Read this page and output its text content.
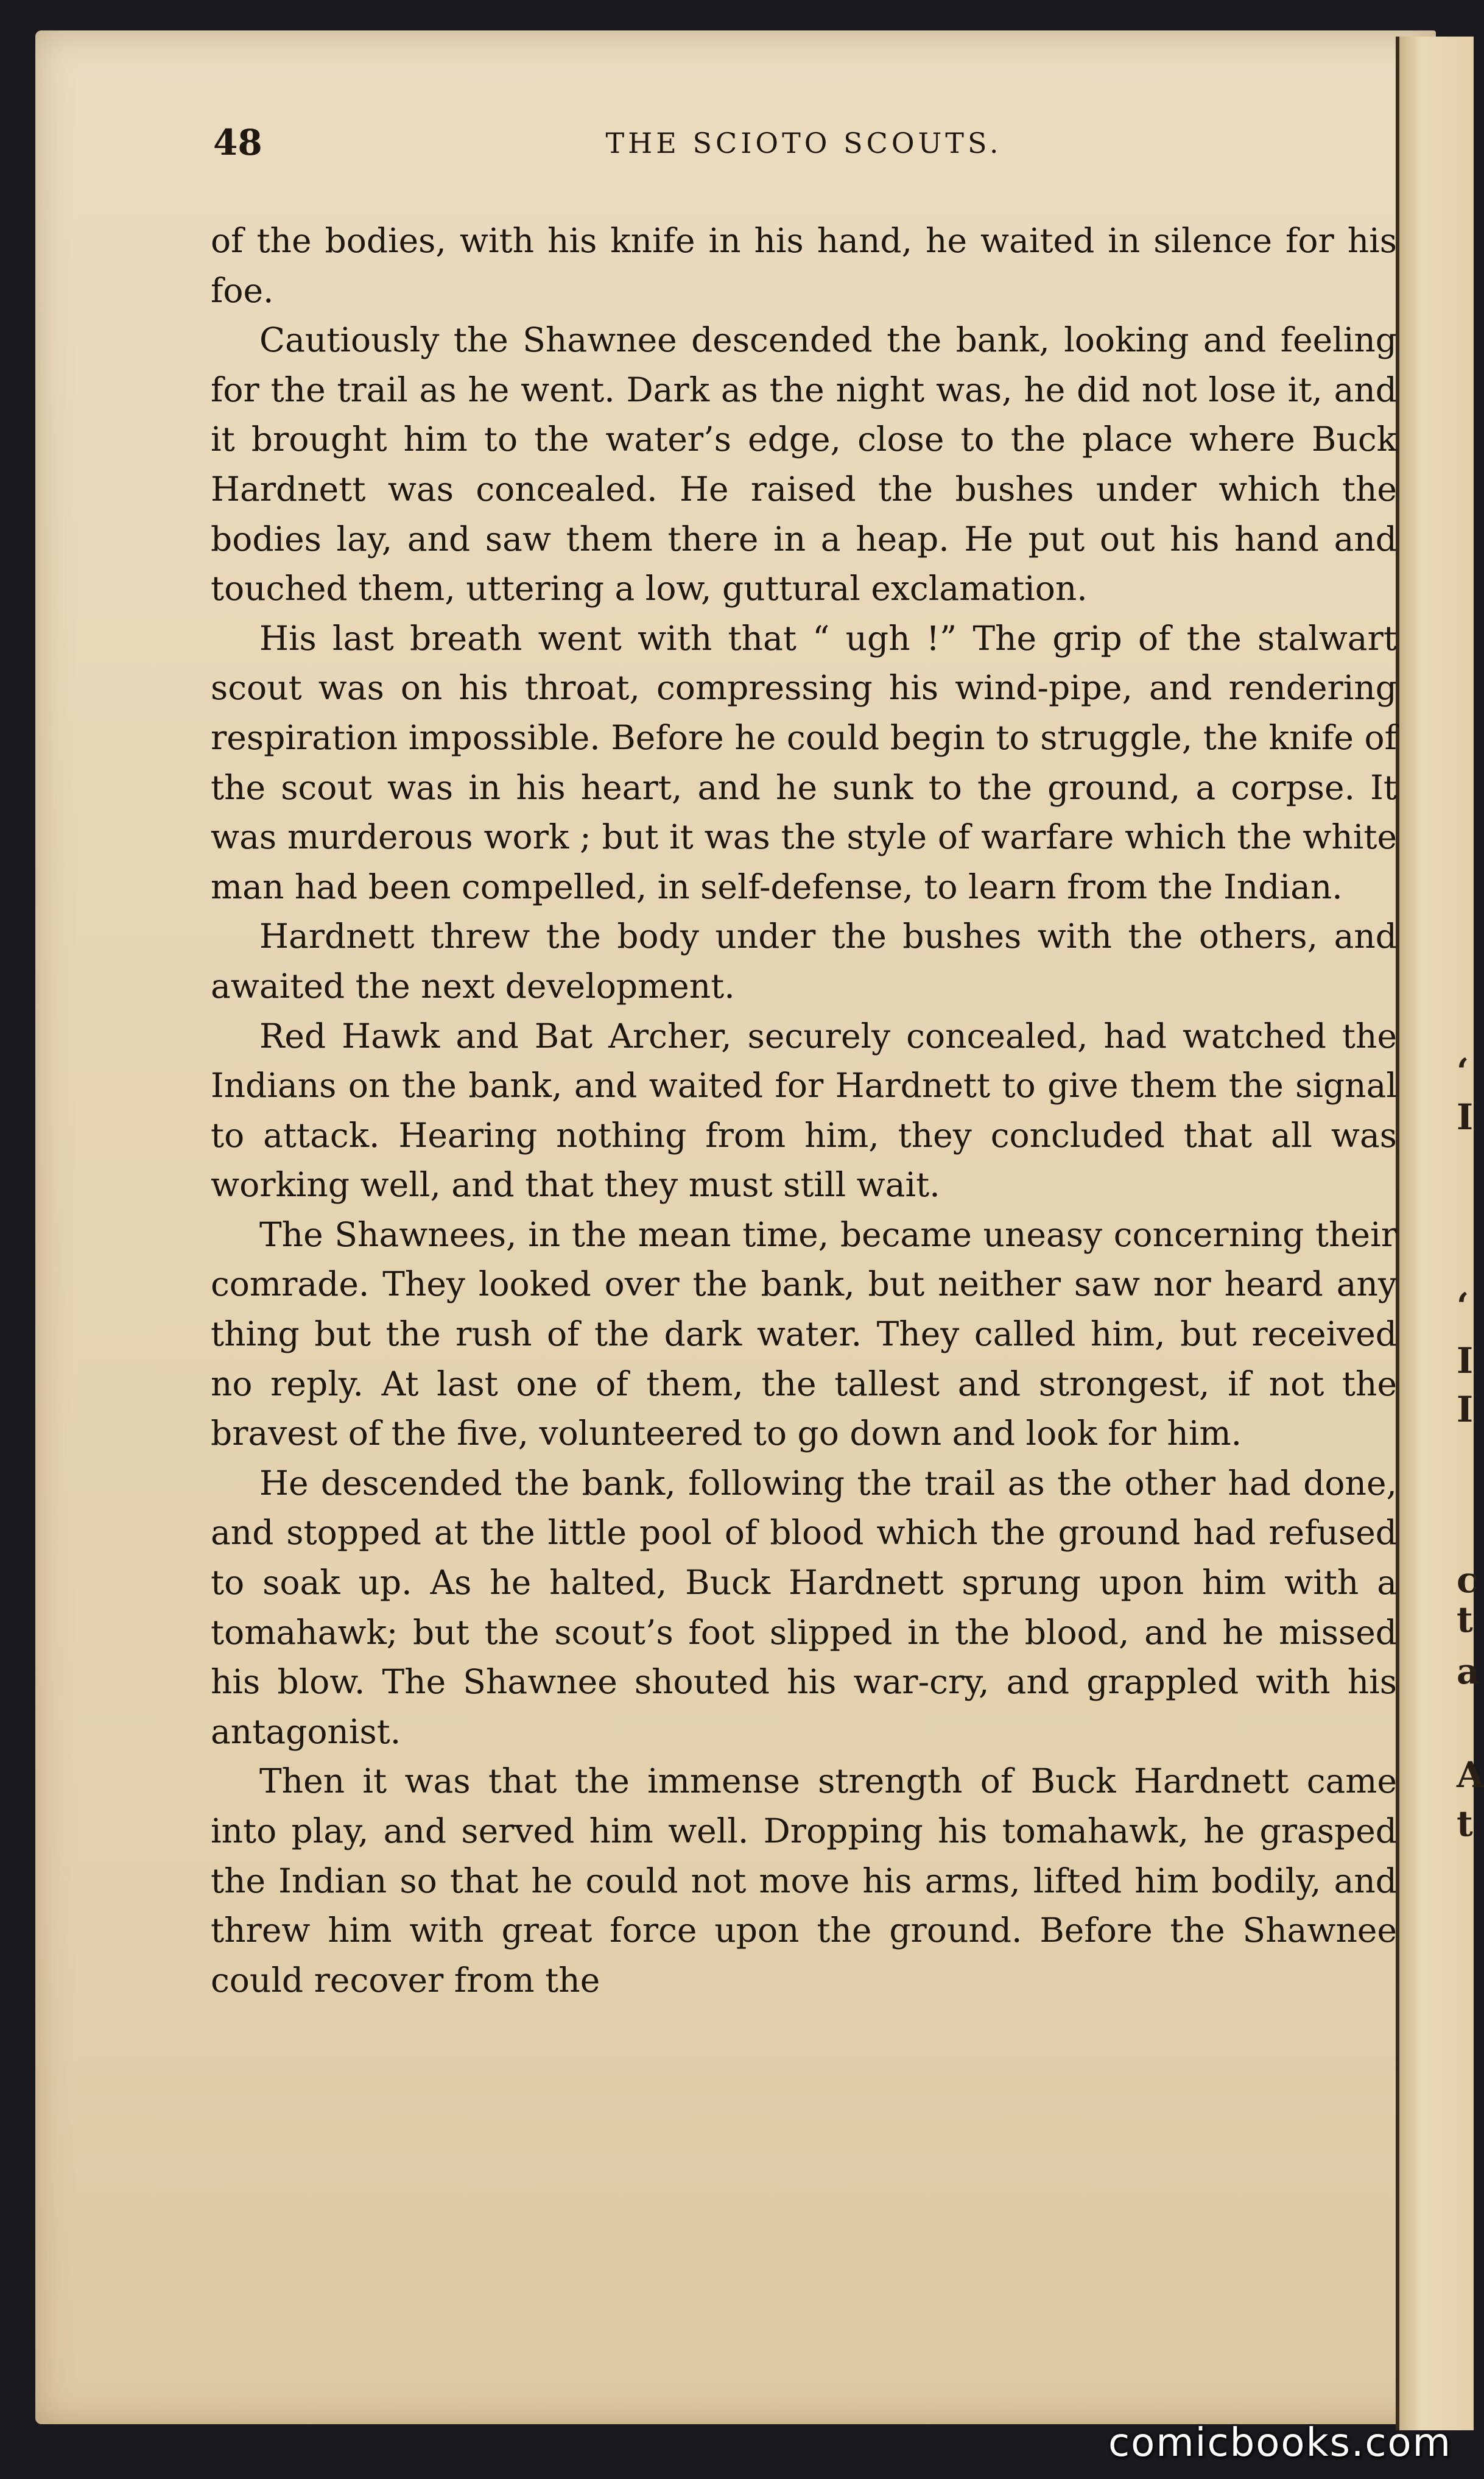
‘
I
‘
I
I
c
t
a
A
t
48	THE SCIOTO SCOUTS.

of the bodies, with his knife in his hand, he waited in silence for his foe.

Cautiously the Shawnee descended the bank, looking and feeling for the trail as he went. Dark as the night was, he did not lose it, and it brought him to the water’s edge, close to the place where Buck Hardnett was concealed. He raised the bushes under which the bodies lay, and saw them there in a heap. He put out his hand and touched them, uttering a low, guttural exclamation.

His last breath went with that “ ugh !” The grip of the stalwart scout was on his throat, compressing his wind-pipe, and rendering respiration impossible. Before he could begin to struggle, the knife of the scout was in his heart, and he sunk to the ground, a corpse. It was murderous work ; but it was the style of warfare which the white man had been compelled, in self-defense, to learn from the Indian.

Hardnett threw the body under the bushes with the others, and awaited the next development.

Red Hawk and Bat Archer, securely concealed, had watched the Indians on the bank, and waited for Hardnett to give them the signal to attack. Hearing nothing from him, they concluded that all was working well, and that they must still wait.

The Shawnees, in the mean time, became uneasy concerning their comrade. They looked over the bank, but neither saw nor heard any thing but the rush of the dark water. They called him, but received no reply. At last one of them, the tallest and strongest, if not the bravest of the five, volunteered to go down and look for him.

He descended the bank, following the trail as the other had done, and stopped at the little pool of blood which the ground had refused to soak up. As he halted, Buck Hardnett sprung upon him with a tomahawk; but the scout’s foot slipped in the blood, and he missed his blow. The Shawnee shouted his war-cry, and grappled with his antagonist.

Then it was that the immense strength of Buck Hardnett came into play, and served him well. Dropping his tomahawk, he grasped the Indian so that he could not move his arms, lifted him bodily, and threw him with great force upon the ground. Before the Shawnee could recover from the

comicbooks.com
